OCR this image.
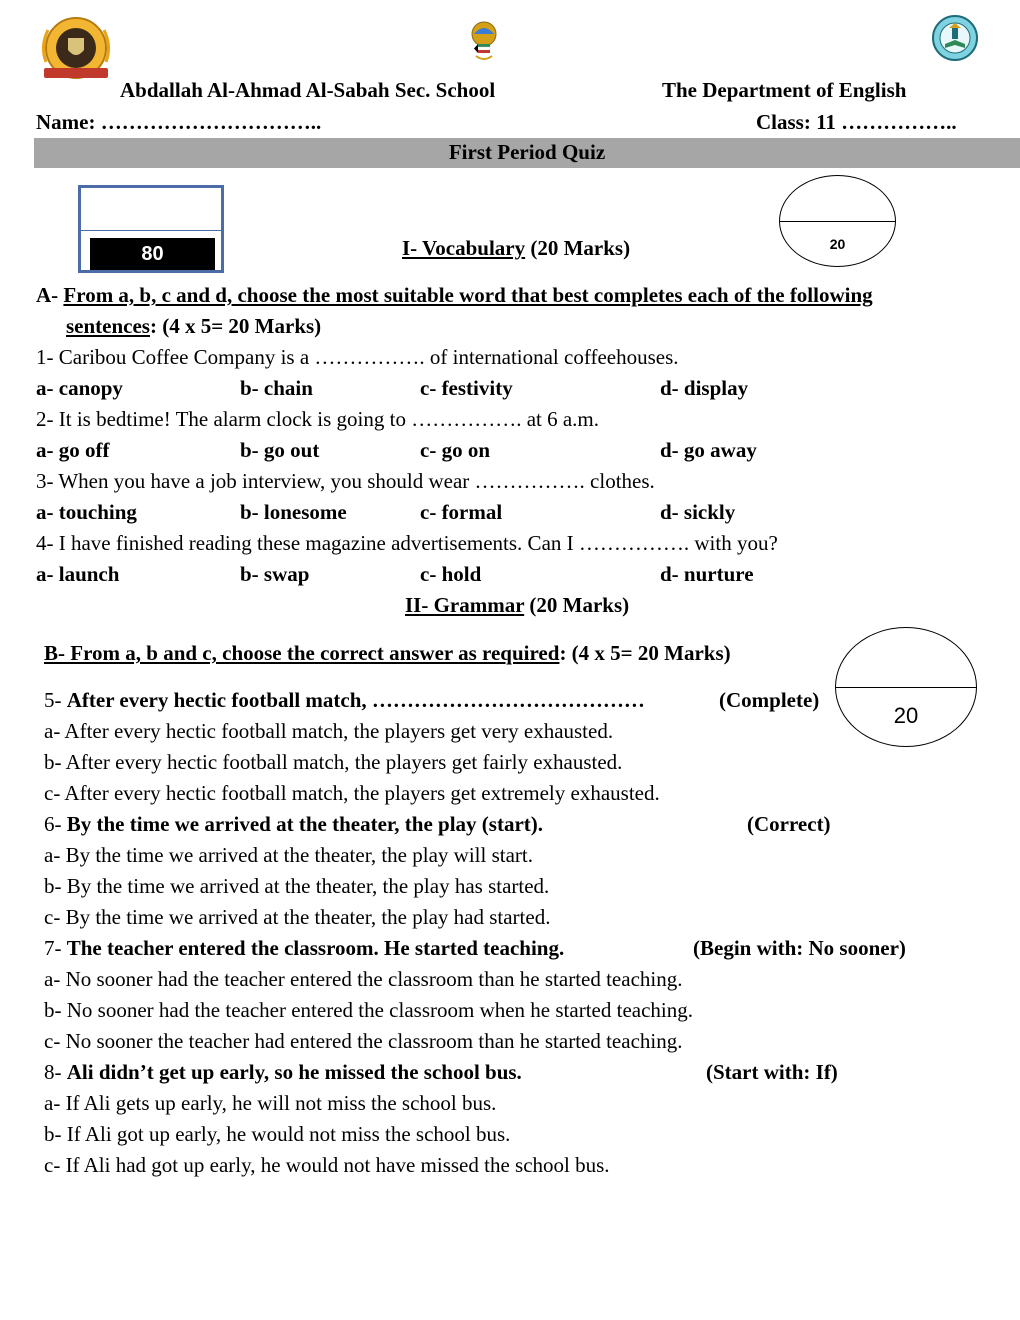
Abdallah Al-Ahmad Al-Sabah Sec. School	The Department of English
Name: …………………………..	Class: 11 ……………..
First Period Quiz
80	20
20
I- Vocabulary (20 Marks)
A- From a, b, c and d, choose the most suitable word that best completes each of the following
sentences: (4 x 5= 20 Marks)
1- Caribou Coffee Company is a ……………. of international coffeehouses.
a- canopy	b- chain	c- festivity	d- display
2- It is bedtime! The alarm clock is going to ……………. at 6 a.m.
a- go off	b- go out	c- go on	d- go away
3- When you have a job interview, you should wear ……………. clothes.
a- touching	b- lonesome	c- formal	d- sickly
4- I have finished reading these magazine advertisements. Can I ……………. with you?
a- launch	b- swap	c- hold	d- nurture
II- Grammar (20 Marks)
B- From a, b and c, choose the correct answer as required: (4 x 5= 20 Marks)
5- After every hectic football match, …………………………………	(Complete)
a- After every hectic football match, the players get very exhausted.
b- After every hectic football match, the players get fairly exhausted.
c- After every hectic football match, the players get extremely exhausted.
6- By the time we arrived at the theater, the play (start).	(Correct)
a- By the time we arrived at the theater, the play will start.
b- By the time we arrived at the theater, the play has started.
c- By the time we arrived at the theater, the play had started.
7- The teacher entered the classroom. He started teaching.	(Begin with: No sooner)
a- No sooner had the teacher entered the classroom than he started teaching.
b- No sooner had the teacher entered the classroom when he started teaching.
c- No sooner the teacher had entered the classroom than he started teaching.
8- Ali didn’t get up early, so he missed the school bus.	(Start with: If)
a- If Ali gets up early, he will not miss the school bus.
b- If Ali got up early, he would not miss the school bus.
c- If Ali had got up early, he would not have missed the school bus.
